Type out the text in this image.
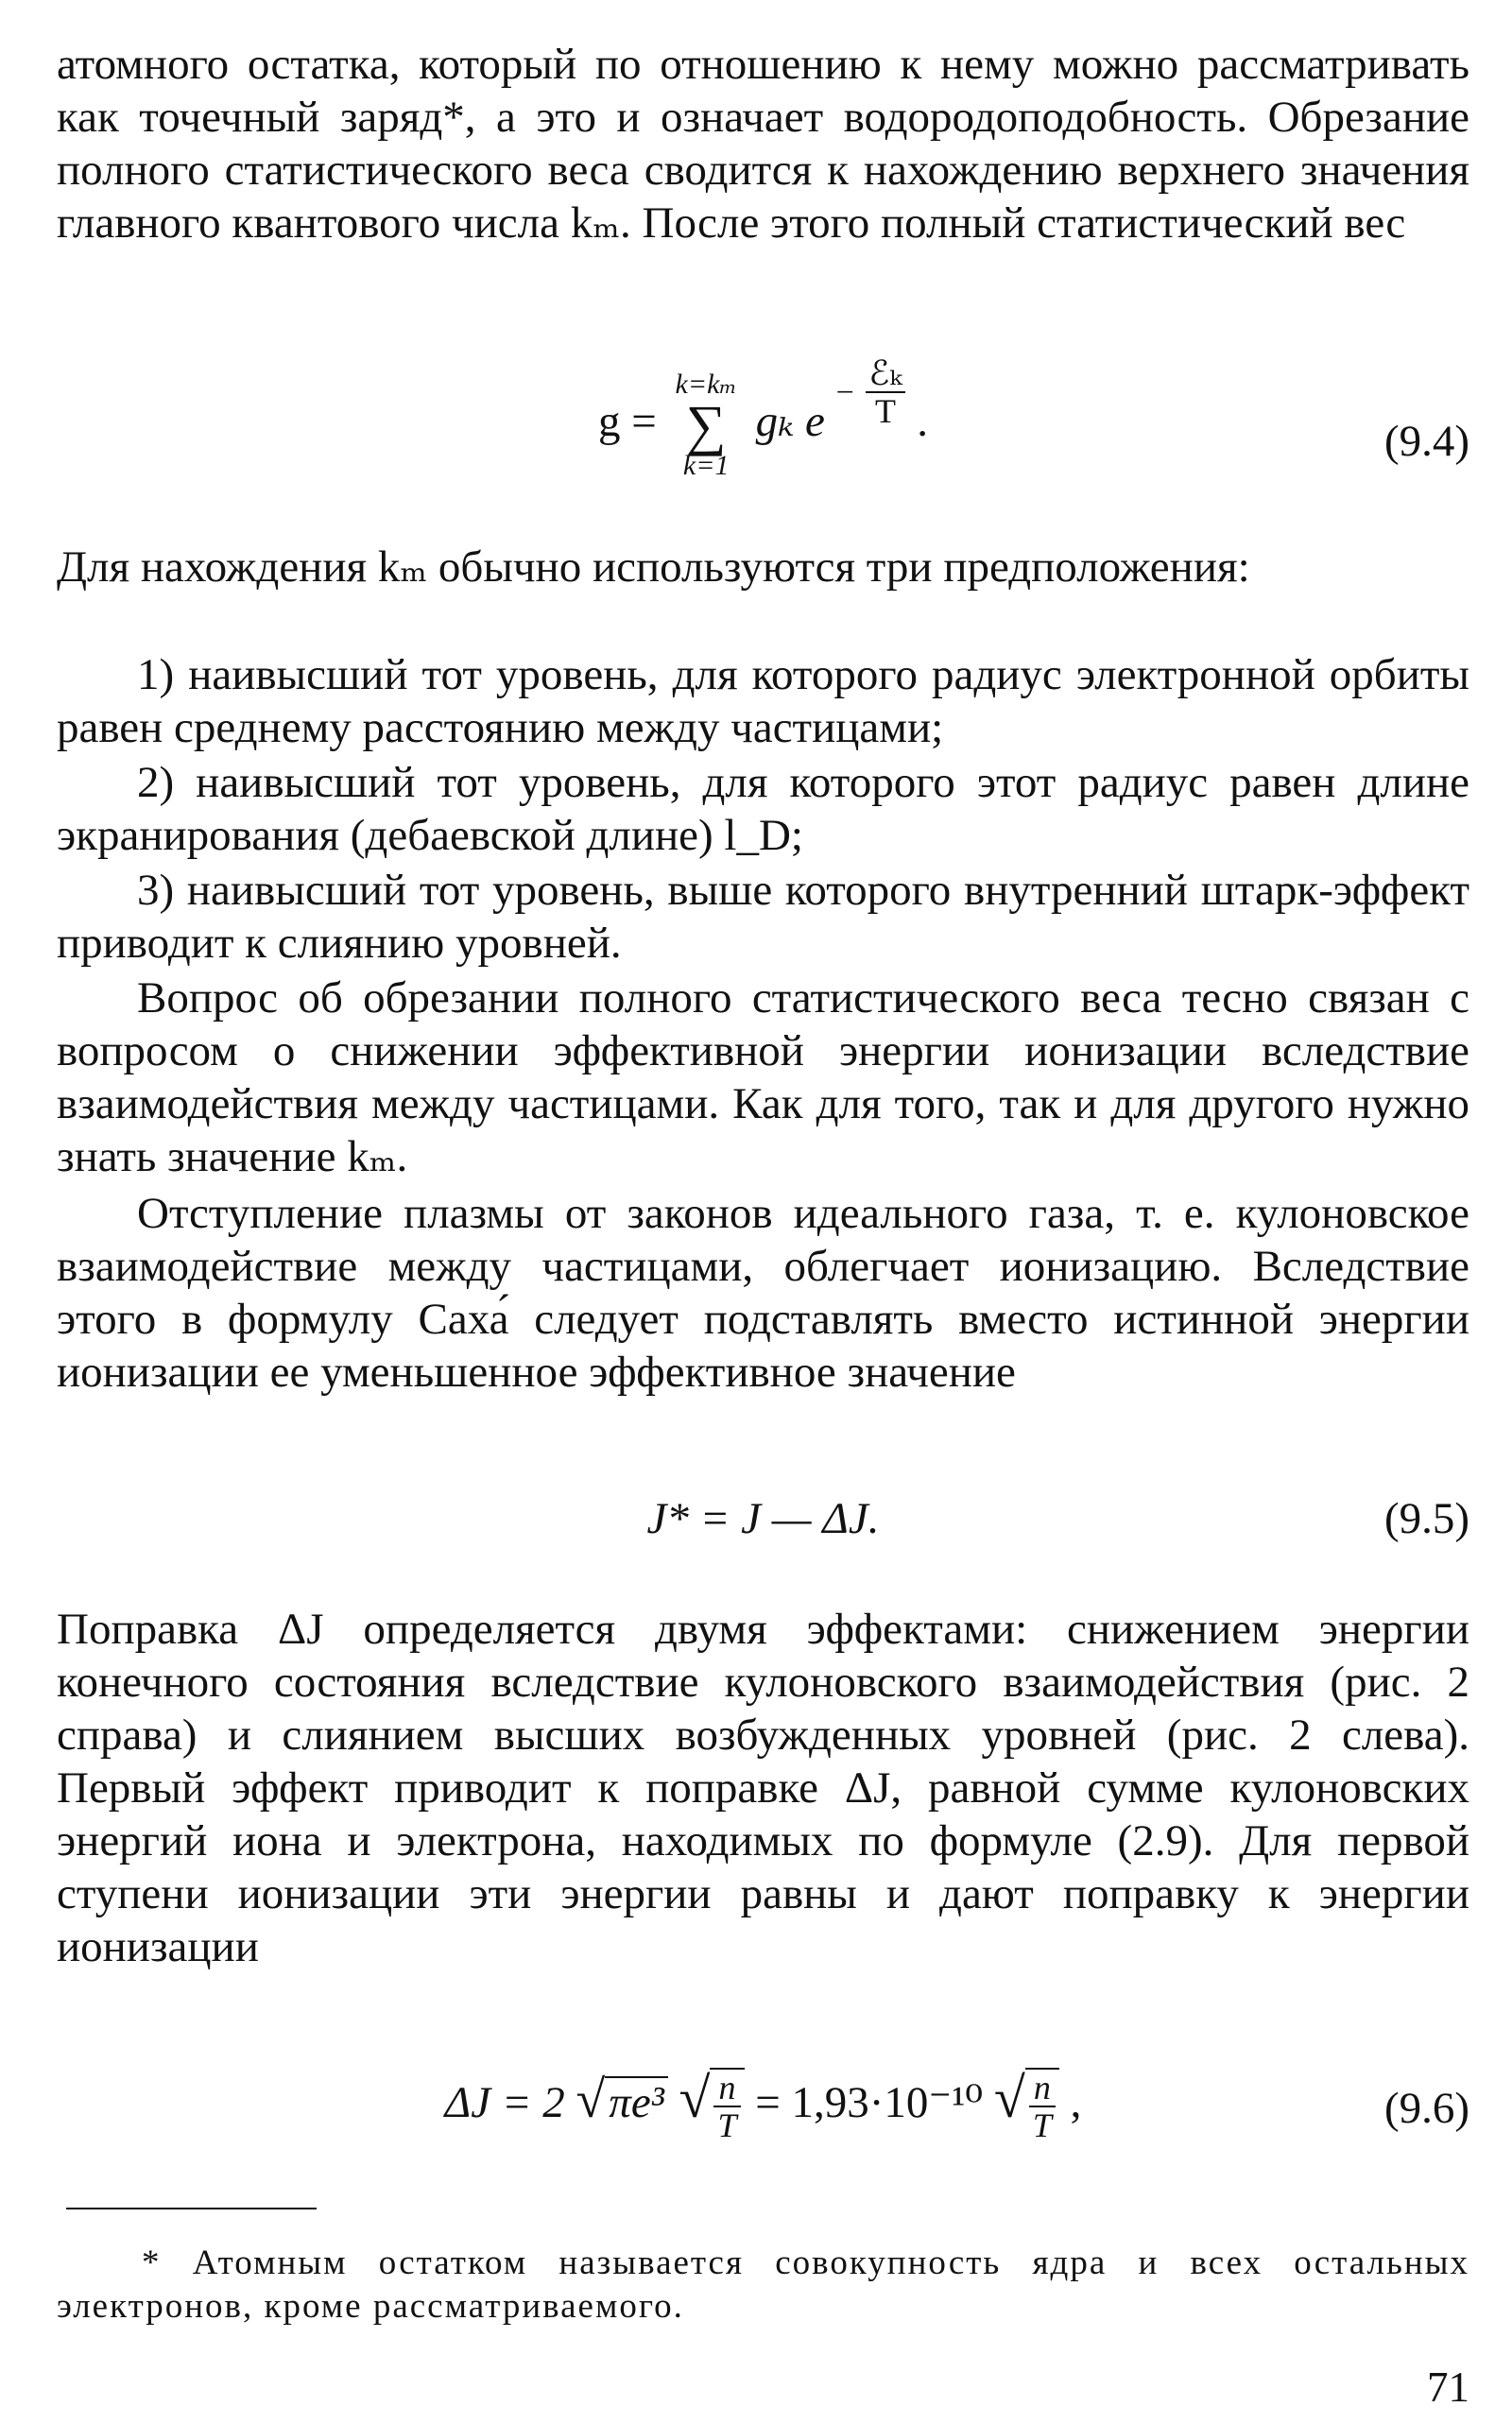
атомного остатка, который по отношению к нему можно рассматривать как точечный заряд*, а это и означает водородоподобность. Обрезание полного статистического веса сводится к нахождению верхнего значения главного квантового числа kₘ. После этого полный статистический вес

g =
k=kₘ
∑
k=1
gₖ $e - \frac{\text{ℰₖ}}{T}$ .	(9.4)

Для нахождения kₘ обычно используются три предположения:

1) наивысший тот уровень, для которого радиус электронной орбиты равен среднему расстоянию между частицами;

2) наивысший тот уровень, для которого этот радиус равен длине экранирования (дебаевской длине) l_D;

3) наивысший тот уровень, выше которого внутренний штарк-эффект приводит к слиянию уровней.

Вопрос об обрезании полного статистического веса тесно связан с вопросом о снижении эффективной энергии ионизации вследствие взаимодействия между частицами. Как для того, так и для другого нужно знать значение kₘ.

Отступление плазмы от законов идеального газа, т. е. кулоновское взаимодействие между частицами, облегчает ионизацию. Вследствие этого в формулу Саха́ следует подставлять вместо истинной энергии ионизации ее уменьшенное эффективное значение

J* = J — ΔJ.	(9.5)

Поправка ΔJ определяется двумя эффектами: снижением энергии конечного состояния вследствие кулоновского взаимодействия (рис. 2 справа) и слиянием высших возбужденных уровней (рис. 2 слева). Первый эффект приводит к поправке ΔJ, равной сумме кулоновских энергий иона и электрона, находимых по формуле (2.9). Для первой ступени ионизации эти энергии равны и дают поправку к энергии ионизации

ΔJ = 2 √πe³ √ $\frac{n}{T} = 1,93\cdot 10^{-10}$ √ $\frac{n}{T}$ ,	(9.6)

* Атомным остатком называется совокупность ядра и всех остальных электронов, кроме рассматриваемого.

71
